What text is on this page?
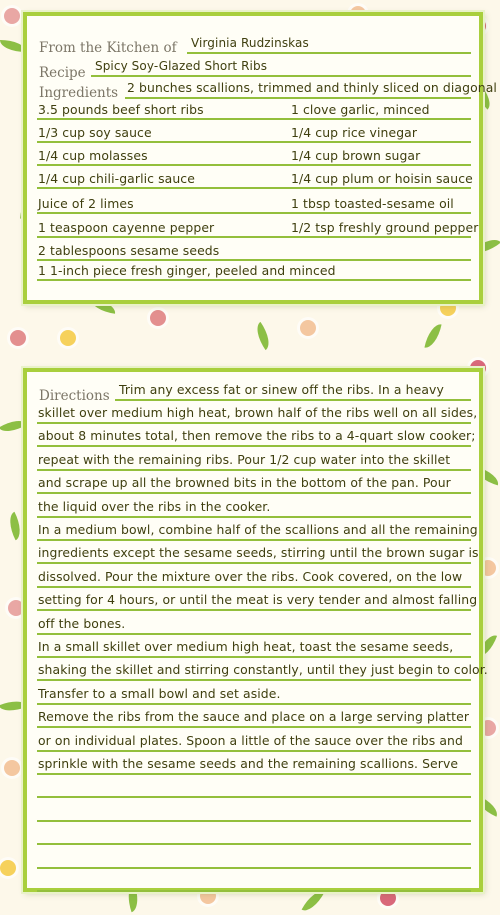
From the Kitchen of Virginia Rudzinskas
Recipe Spicy Soy-Glazed Short Ribs
Ingredients 2 bunches scallions, trimmed and thinly sliced on diagonal
3.5 pounds beef short ribs	1 clove garlic, minced
1/3 cup soy sauce	1/4 cup rice vinegar
1/4 cup molasses	1/4 cup brown sugar
1/4 cup chili-garlic sauce	1/4 cup plum or hoisin sauce
Juice of 2 limes	1 tbsp toasted-sesame oil
1 teaspoon cayenne pepper	1/2 tsp freshly ground pepper
2 tablespoons sesame seeds
1 1-inch piece fresh ginger, peeled and minced
Directions Trim any excess fat or sinew off the ribs. In a heavy
skillet over medium high heat, brown half of the ribs well on all sides,
about 8 minutes total, then remove the ribs to a 4-quart slow cooker;
repeat with the remaining ribs. Pour 1/2 cup water into the skillet
and scrape up all the browned bits in the bottom of the pan. Pour
the liquid over the ribs in the cooker.
In a medium bowl, combine half of the scallions and all the remaining
ingredients except the sesame seeds, stirring until the brown sugar is
dissolved. Pour the mixture over the ribs. Cook covered, on the low
setting for 4 hours, or until the meat is very tender and almost falling
off the bones.
In a small skillet over medium high heat, toast the sesame seeds,
shaking the skillet and stirring constantly, until they just begin to color.
Transfer to a small bowl and set aside.
Remove the ribs from the sauce and place on a large serving platter
or on individual plates. Spoon a little of the sauce over the ribs and
sprinkle with the sesame seeds and the remaining scallions. Serve
